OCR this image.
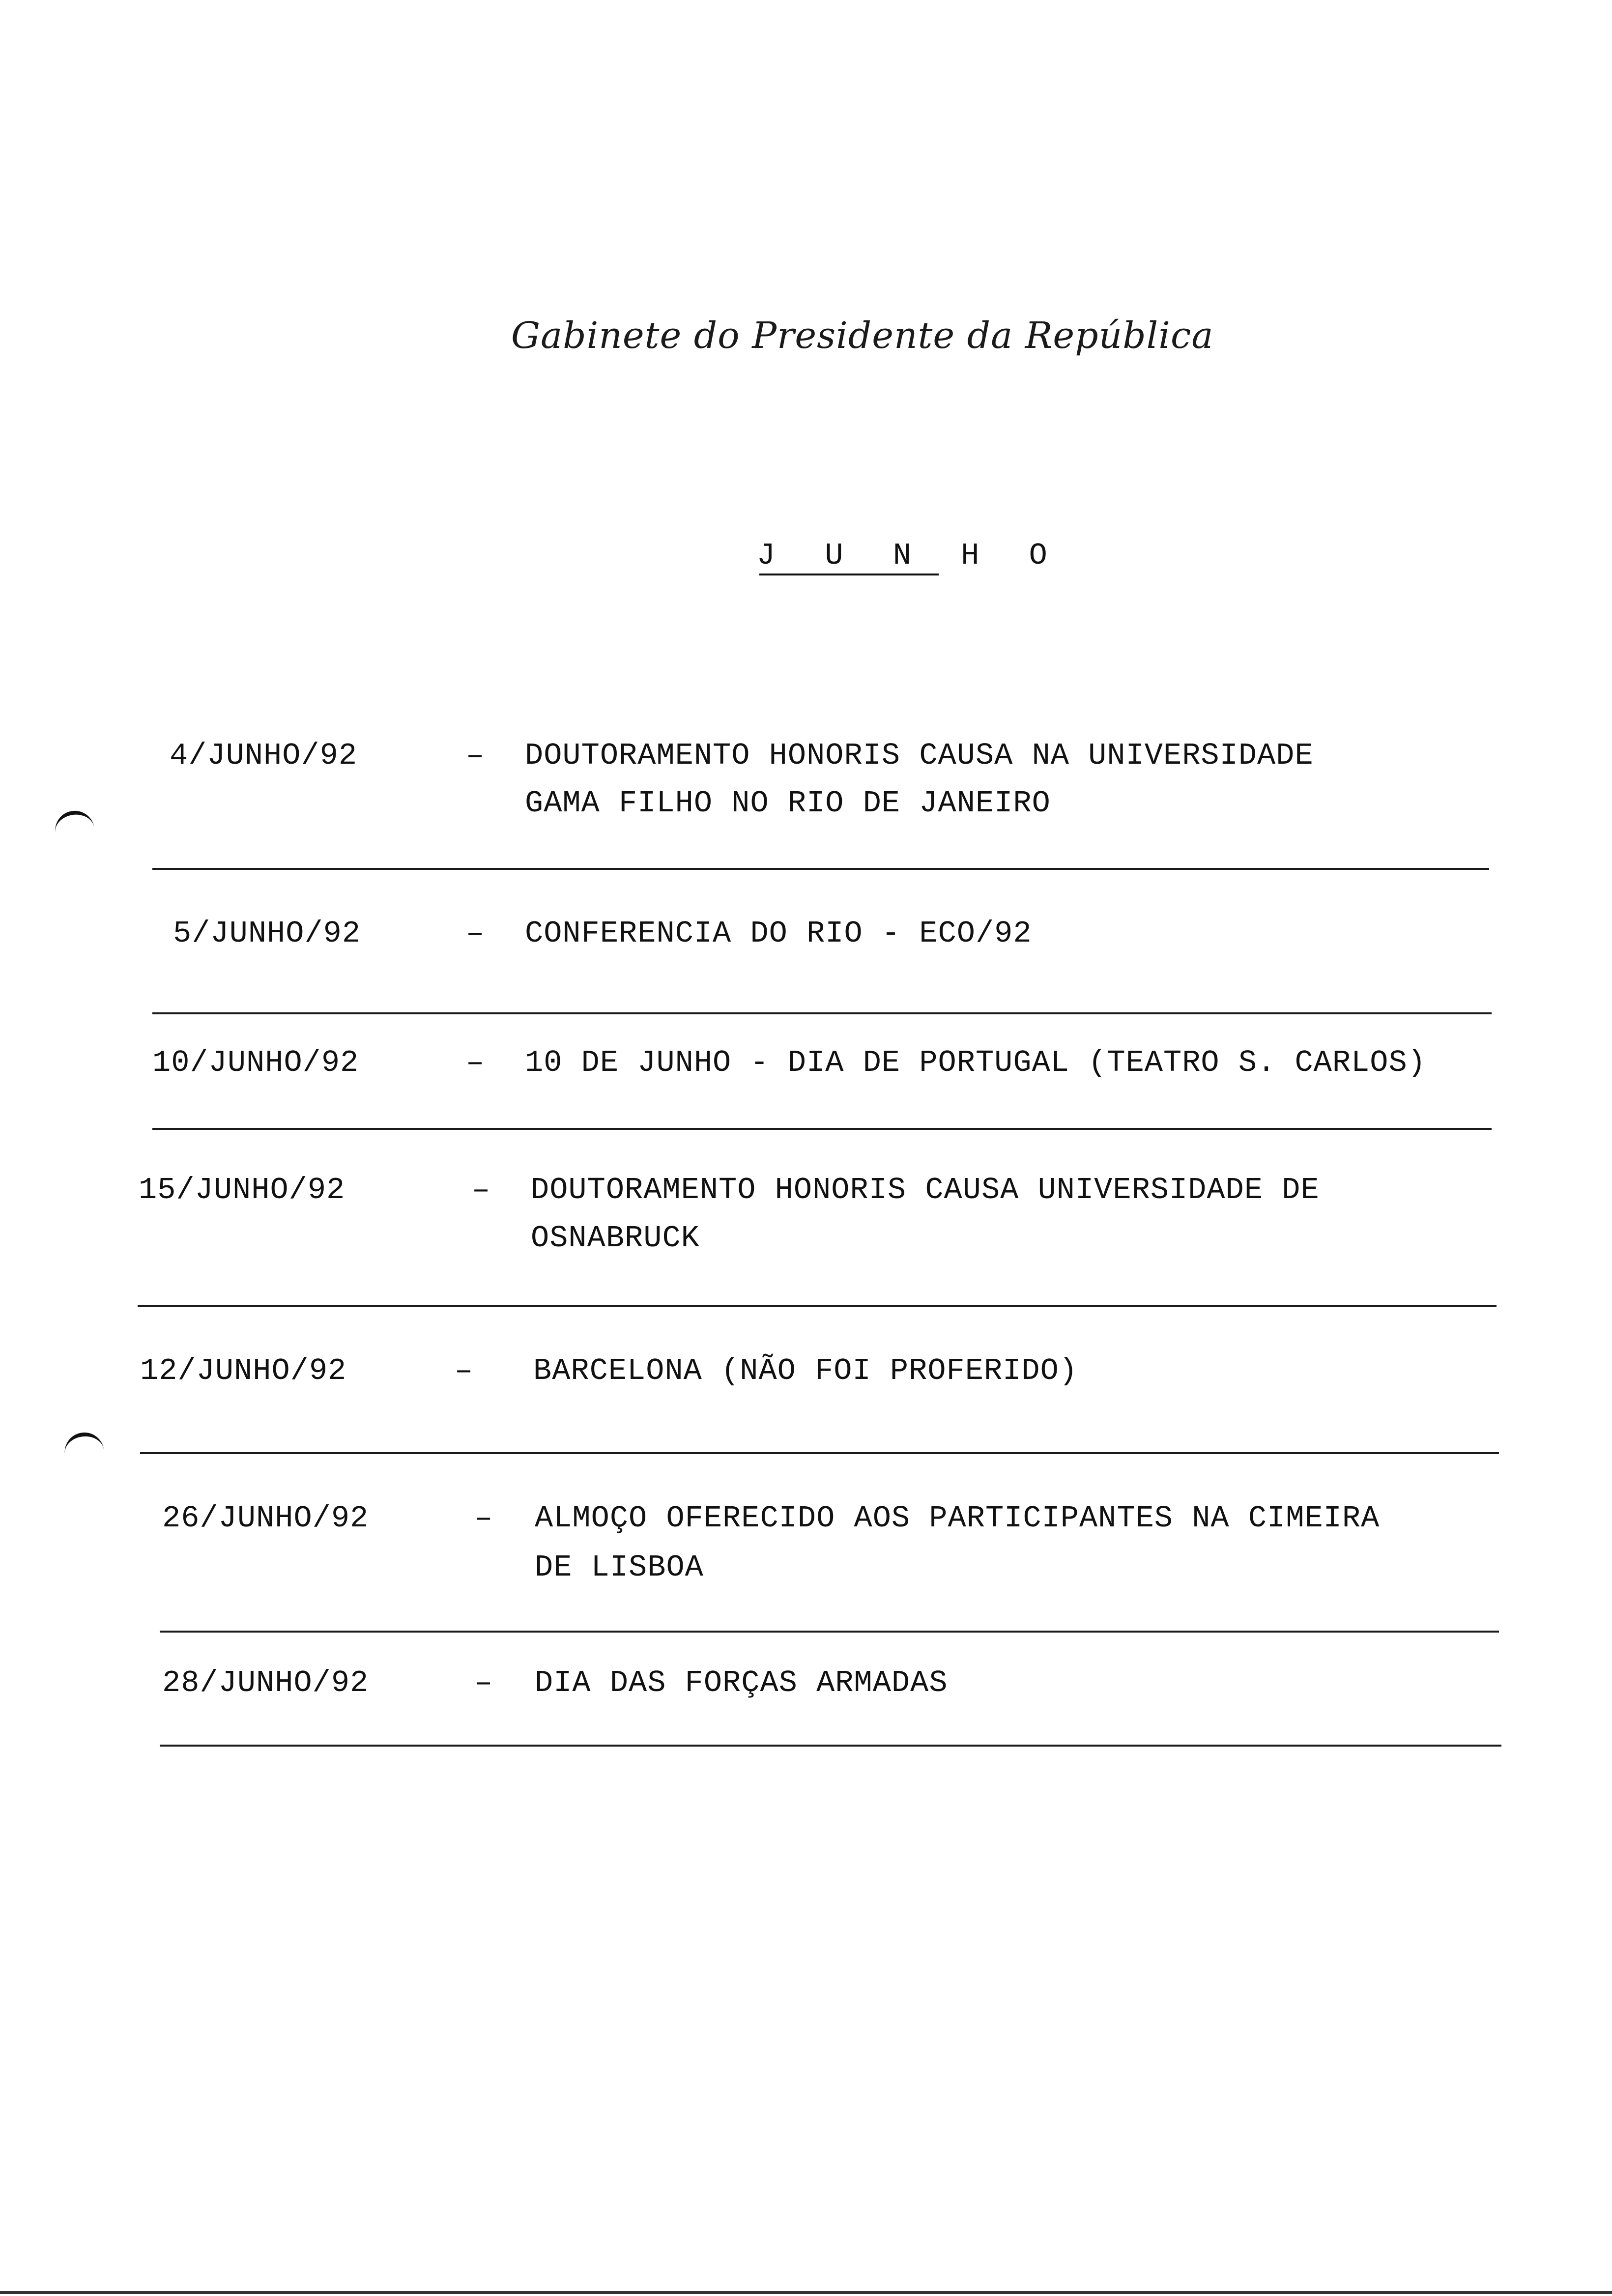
Gabinete do Presidente da República
J U N H O
4/JUNHO/92	– DOUTORAMENTO HONORIS CAUSA NA UNIVERSIDADE
GAMA FILHO NO RIO DE JANEIRO
5/JUNHO/92	– CONFERENCIA DO RIO - ECO/92
10/JUNHO/92	– 10 DE JUNHO - DIA DE PORTUGAL (TEATRO S. CARLOS)
15/JUNHO/92	– DOUTORAMENTO HONORIS CAUSA UNIVERSIDADE DE
OSNABRUCK
12/JUNHO/92	– BARCELONA (NÃO FOI PROFERIDO)
26/JUNHO/92	– ALMOÇO OFERECIDO AOS PARTICIPANTES NA CIMEIRA
DE LISBOA
28/JUNHO/92	– DIA DAS FORÇAS ARMADAS
